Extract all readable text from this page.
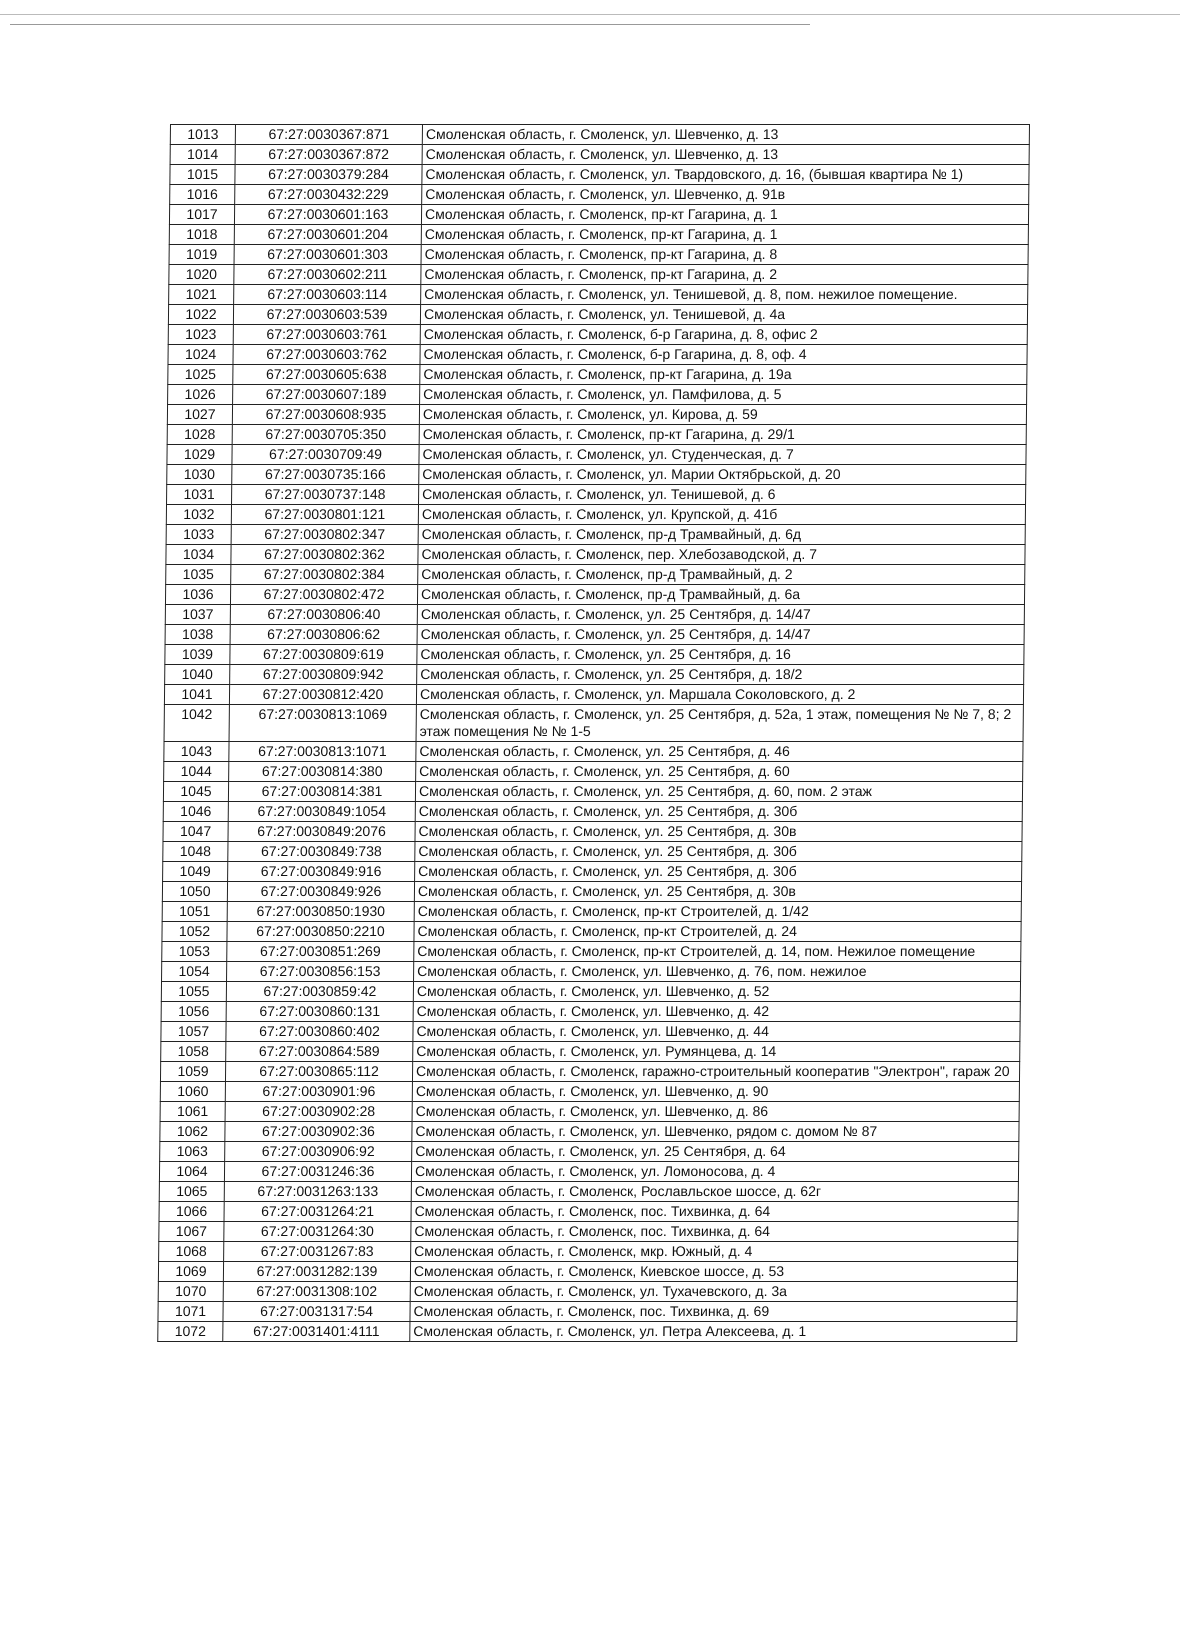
1013	67:27:0030367:871	Смоленская область, г. Смоленск, ул. Шевченко, д. 13
1014	67:27:0030367:872	Смоленская область, г. Смоленск, ул. Шевченко, д. 13
1015	67:27:0030379:284	Смоленская область, г. Смоленск, ул. Твардовского, д. 16, (бывшая квартира № 1)
1016	67:27:0030432:229	Смоленская область, г. Смоленск, ул. Шевченко, д. 91в
1017	67:27:0030601:163	Смоленская область, г. Смоленск, пр-кт Гагарина, д. 1
1018	67:27:0030601:204	Смоленская область, г. Смоленск, пр-кт Гагарина, д. 1
1019	67:27:0030601:303	Смоленская область, г. Смоленск, пр-кт Гагарина, д. 8
1020	67:27:0030602:211	Смоленская область, г. Смоленск, пр-кт Гагарина, д. 2
1021	67:27:0030603:114	Смоленская область, г. Смоленск, ул. Тенишевой, д. 8, пом. нежилое помещение.
1022	67:27:0030603:539	Смоленская область, г. Смоленск, ул. Тенишевой, д. 4а
1023	67:27:0030603:761	Смоленская область, г. Смоленск, б-р Гагарина, д. 8, офис 2
1024	67:27:0030603:762	Смоленская область, г. Смоленск, б-р Гагарина, д. 8, оф. 4
1025	67:27:0030605:638	Смоленская область, г. Смоленск, пр-кт Гагарина, д. 19а
1026	67:27:0030607:189	Смоленская область, г. Смоленск, ул. Памфилова, д. 5
1027	67:27:0030608:935	Смоленская область, г. Смоленск, ул. Кирова, д. 59
1028	67:27:0030705:350	Смоленская область, г. Смоленск, пр-кт Гагарина, д. 29/1
1029	67:27:0030709:49	Смоленская область, г. Смоленск, ул. Студенческая, д. 7
1030	67:27:0030735:166	Смоленская область, г. Смоленск, ул. Марии Октябрьской, д. 20
1031	67:27:0030737:148	Смоленская область, г. Смоленск, ул. Тенишевой, д. 6
1032	67:27:0030801:121	Смоленская область, г. Смоленск, ул. Крупской, д. 41б
1033	67:27:0030802:347	Смоленская область, г. Смоленск, пр-д Трамвайный, д. 6д
1034	67:27:0030802:362	Смоленская область, г. Смоленск, пер. Хлебозаводской, д. 7
1035	67:27:0030802:384	Смоленская область, г. Смоленск, пр-д Трамвайный, д. 2
1036	67:27:0030802:472	Смоленская область, г. Смоленск, пр-д Трамвайный, д. 6а
1037	67:27:0030806:40	Смоленская область, г. Смоленск, ул. 25 Сентября, д. 14/47
1038	67:27:0030806:62	Смоленская область, г. Смоленск, ул. 25 Сентября, д. 14/47
1039	67:27:0030809:619	Смоленская область, г. Смоленск, ул. 25 Сентября, д. 16
1040	67:27:0030809:942	Смоленская область, г. Смоленск, ул. 25 Сентября, д. 18/2
1041	67:27:0030812:420	Смоленская область, г. Смоленск, ул. Маршала Соколовского, д. 2
1042	67:27:0030813:1069	Смоленская область, г. Смоленск, ул. 25 Сентября, д. 52а, 1 этаж, помещения № № 7, 8; 2 этаж помещения № № 1-5
1043	67:27:0030813:1071	Смоленская область, г. Смоленск, ул. 25 Сентября, д. 46
1044	67:27:0030814:380	Смоленская область, г. Смоленск, ул. 25 Сентября, д. 60
1045	67:27:0030814:381	Смоленская область, г. Смоленск, ул. 25 Сентября, д. 60, пом. 2 этаж
1046	67:27:0030849:1054	Смоленская область, г. Смоленск, ул. 25 Сентября, д. 30б
1047	67:27:0030849:2076	Смоленская область, г. Смоленск, ул. 25 Сентября, д. 30в
1048	67:27:0030849:738	Смоленская область, г. Смоленск, ул. 25 Сентября, д. 30б
1049	67:27:0030849:916	Смоленская область, г. Смоленск, ул. 25 Сентября, д. 30б
1050	67:27:0030849:926	Смоленская область, г. Смоленск, ул. 25 Сентября, д. 30в
1051	67:27:0030850:1930	Смоленская область, г. Смоленск, пр-кт Строителей, д. 1/42
1052	67:27:0030850:2210	Смоленская область, г. Смоленск, пр-кт Строителей, д. 24
1053	67:27:0030851:269	Смоленская область, г. Смоленск, пр-кт Строителей, д. 14, пом. Нежилое помещение
1054	67:27:0030856:153	Смоленская область, г. Смоленск, ул. Шевченко, д. 76, пом. нежилое
1055	67:27:0030859:42	Смоленская область, г. Смоленск, ул. Шевченко, д. 52
1056	67:27:0030860:131	Смоленская область, г. Смоленск, ул. Шевченко, д. 42
1057	67:27:0030860:402	Смоленская область, г. Смоленск, ул. Шевченко, д. 44
1058	67:27:0030864:589	Смоленская область, г. Смоленск, ул. Румянцева, д. 14
1059	67:27:0030865:112	Смоленская область, г. Смоленск, гаражно-строительный кооператив "Электрон", гараж 20
1060	67:27:0030901:96	Смоленская область, г. Смоленск, ул. Шевченко, д. 90
1061	67:27:0030902:28	Смоленская область, г. Смоленск, ул. Шевченко, д. 86
1062	67:27:0030902:36	Смоленская область, г. Смоленск, ул. Шевченко, рядом с. домом № 87
1063	67:27:0030906:92	Смоленская область, г. Смоленск, ул. 25 Сентября, д. 64
1064	67:27:0031246:36	Смоленская область, г. Смоленск, ул. Ломоносова, д. 4
1065	67:27:0031263:133	Смоленская область, г. Смоленск, Рославльское шоссе, д. 62г
1066	67:27:0031264:21	Смоленская область, г. Смоленск, пос. Тихвинка, д. 64
1067	67:27:0031264:30	Смоленская область, г. Смоленск, пос. Тихвинка, д. 64
1068	67:27:0031267:83	Смоленская область, г. Смоленск, мкр. Южный, д. 4
1069	67:27:0031282:139	Смоленская область, г. Смоленск, Киевское шоссе, д. 53
1070	67:27:0031308:102	Смоленская область, г. Смоленск, ул. Тухачевского, д. 3а
1071	67:27:0031317:54	Смоленская область, г. Смоленск, пос. Тихвинка, д. 69
1072	67:27:0031401:4111	Смоленская область, г. Смоленск, ул. Петра Алексеева, д. 1
